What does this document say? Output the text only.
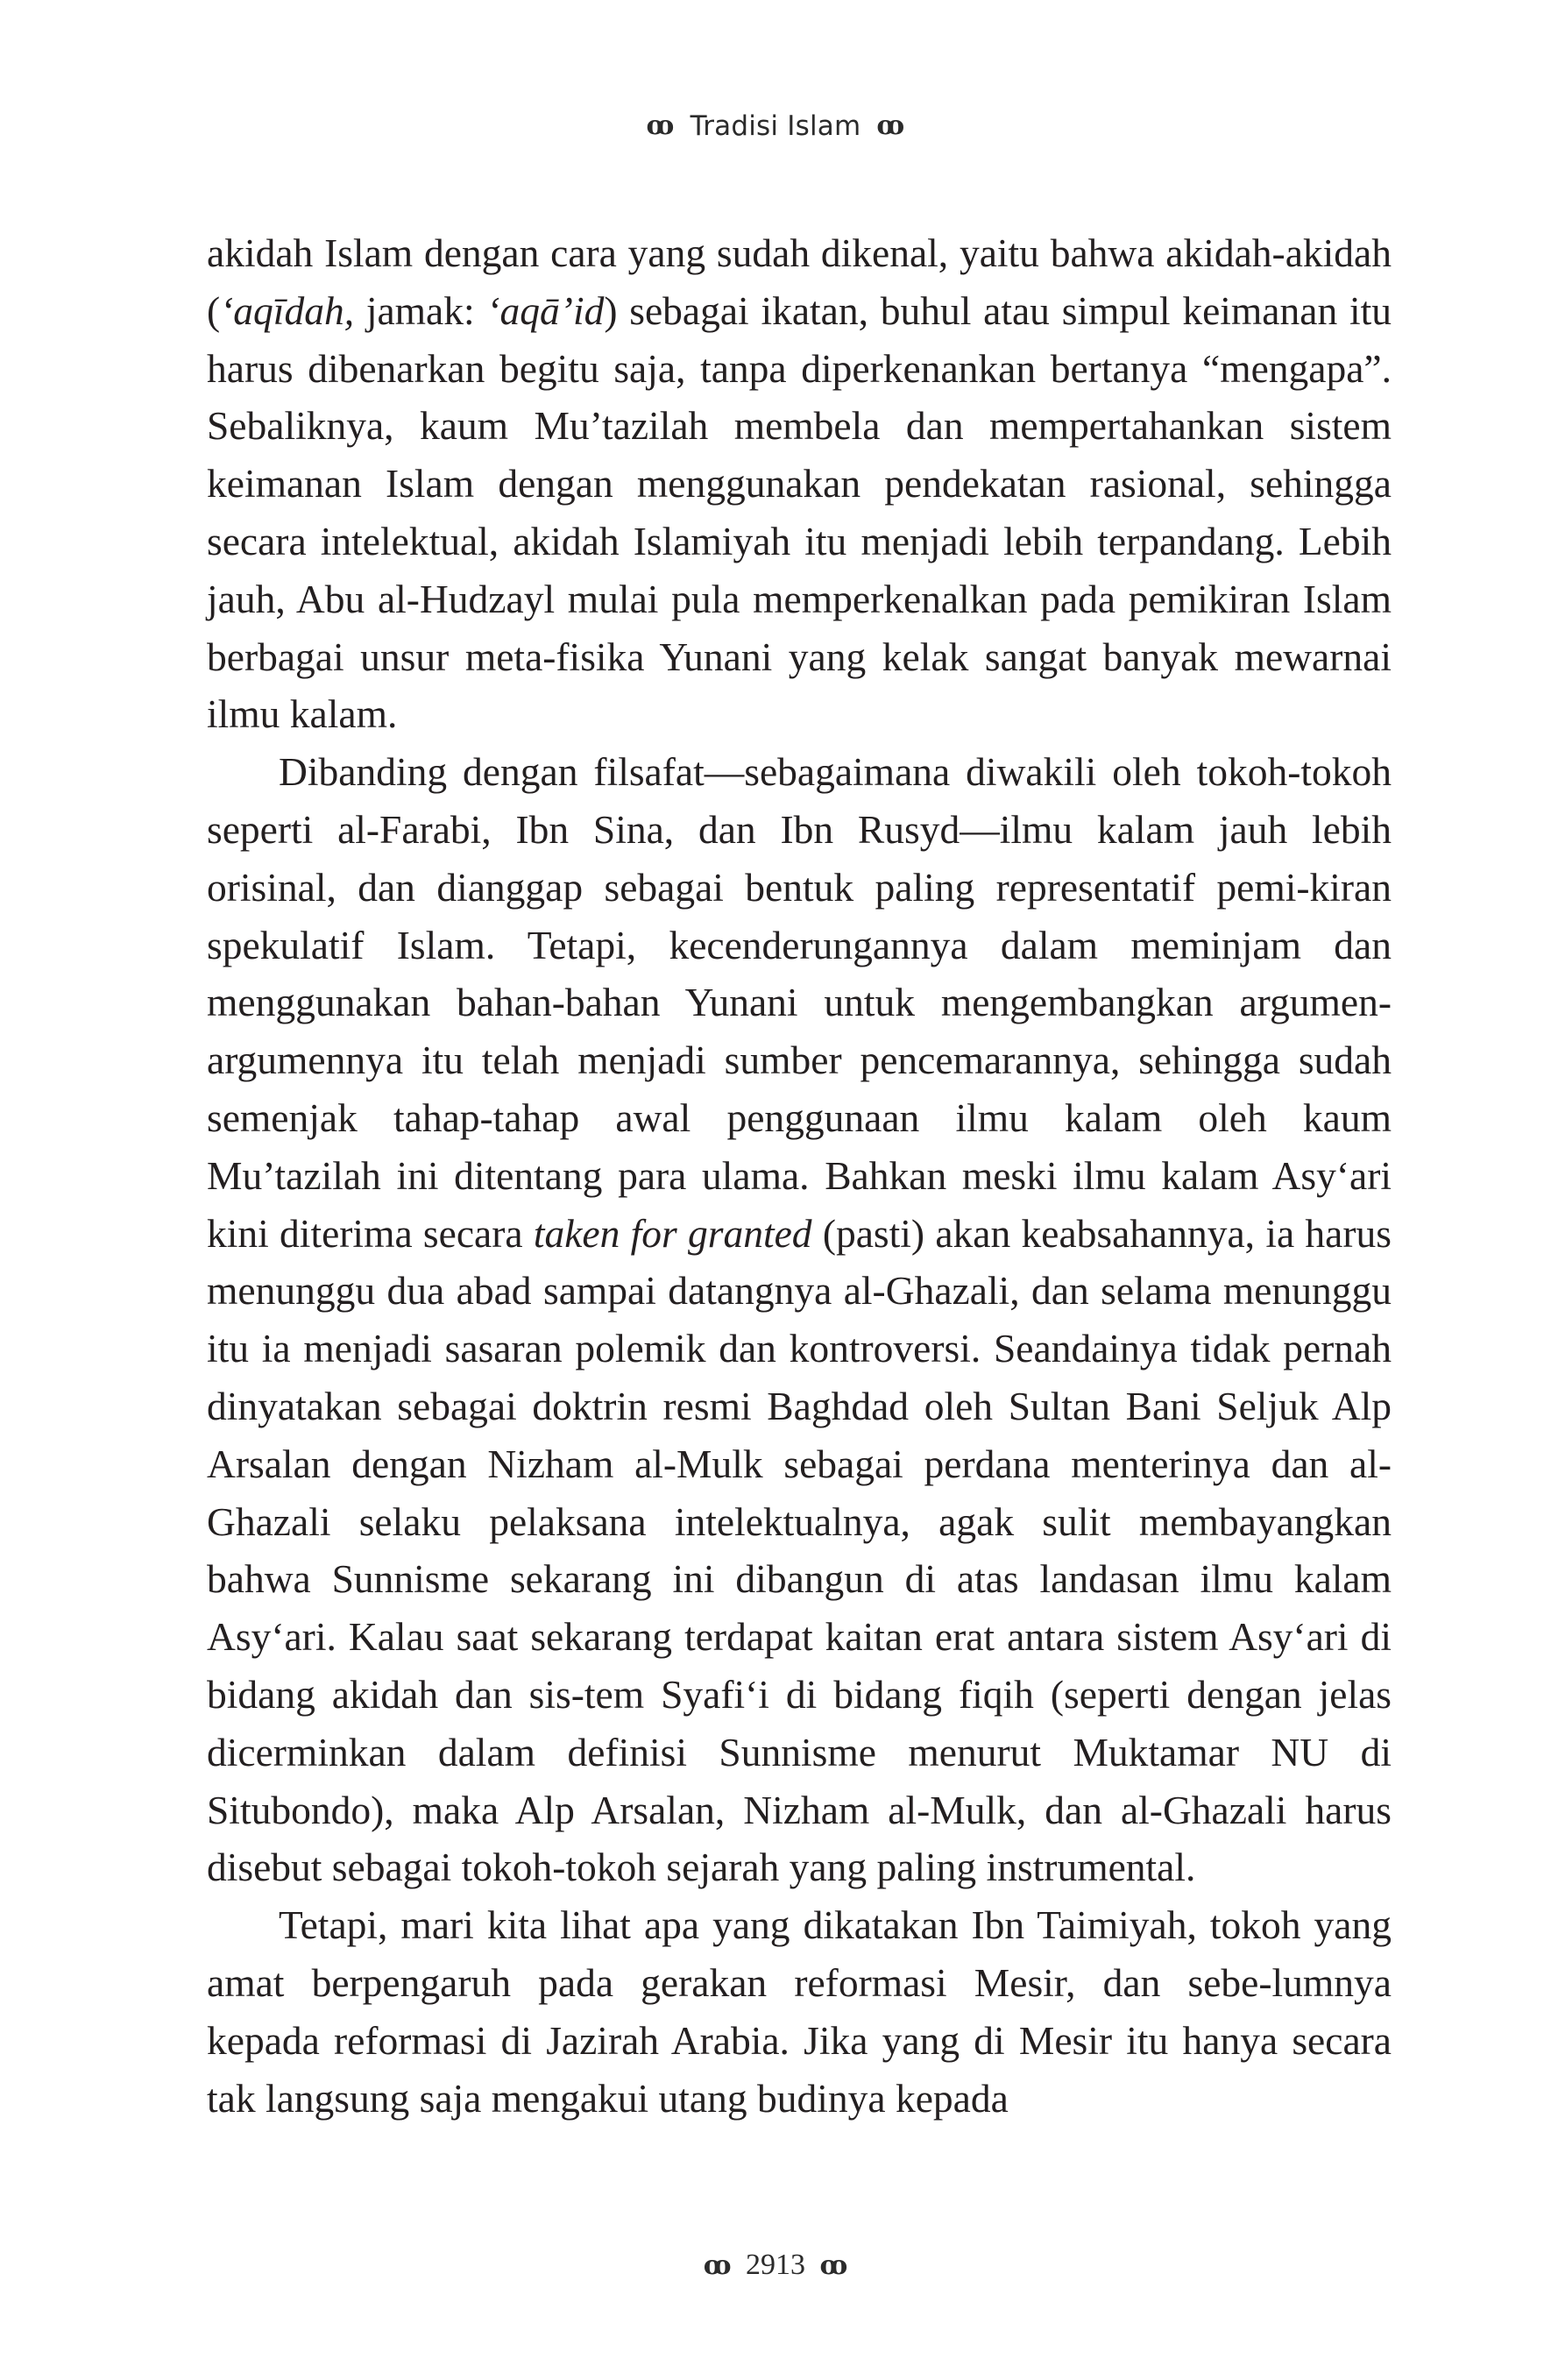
ꝏ Tradisi Islam ꝏ

akidah Islam dengan cara yang sudah dikenal, yaitu bahwa akidah-akidah (‘aqīdah, jamak: ‘aqā’id) sebagai ikatan, buhul atau simpul keimanan itu harus dibenarkan begitu saja, tanpa diperkenankan bertanya “mengapa”. Sebaliknya, kaum Mu’tazilah membela dan mempertahankan sistem keimanan Islam dengan menggunakan pendekatan rasional, sehingga secara intelektual, akidah Islamiyah itu menjadi lebih terpandang. Lebih jauh, Abu al-Hudzayl mulai pula memperkenalkan pada pemikiran Islam berbagai unsur meta-fisika Yunani yang kelak sangat banyak mewarnai ilmu kalam.

Dibanding dengan filsafat—sebagaimana diwakili oleh tokoh-tokoh seperti al-Farabi, Ibn Sina, dan Ibn Rusyd—ilmu kalam jauh lebih orisinal, dan dianggap sebagai bentuk paling representatif pemi-kiran spekulatif Islam. Tetapi, kecenderungannya dalam meminjam dan menggunakan bahan-bahan Yunani untuk mengembangkan argumen-argumennya itu telah menjadi sumber pencemarannya, sehingga sudah semenjak tahap-tahap awal penggunaan ilmu kalam oleh kaum Mu’tazilah ini ditentang para ulama. Bahkan meski ilmu kalam Asy‘ari kini diterima secara taken for granted (pasti) akan keabsahannya, ia harus menunggu dua abad sampai datangnya al-Ghazali, dan selama menunggu itu ia menjadi sasaran polemik dan kontroversi. Seandainya tidak pernah dinyatakan sebagai doktrin resmi Baghdad oleh Sultan Bani Seljuk Alp Arsalan dengan Nizham al-Mulk sebagai perdana menterinya dan al-Ghazali selaku pelaksana intelektualnya, agak sulit membayangkan bahwa Sunnisme sekarang ini dibangun di atas landasan ilmu kalam Asy‘ari. Kalau saat sekarang terdapat kaitan erat antara sistem Asy‘ari di bidang akidah dan sis-tem Syafi‘i di bidang fiqih (seperti dengan jelas dicerminkan dalam definisi Sunnisme menurut Muktamar NU di Situbondo), maka Alp Arsalan, Nizham al-Mulk, dan al-Ghazali harus disebut sebagai tokoh-tokoh sejarah yang paling instrumental.

Tetapi, mari kita lihat apa yang dikatakan Ibn Taimiyah, tokoh yang amat berpengaruh pada gerakan reformasi Mesir, dan sebe-lumnya kepada reformasi di Jazirah Arabia. Jika yang di Mesir itu hanya secara tak langsung saja mengakui utang budinya kepada

ꝏ 2913 ꝏ
